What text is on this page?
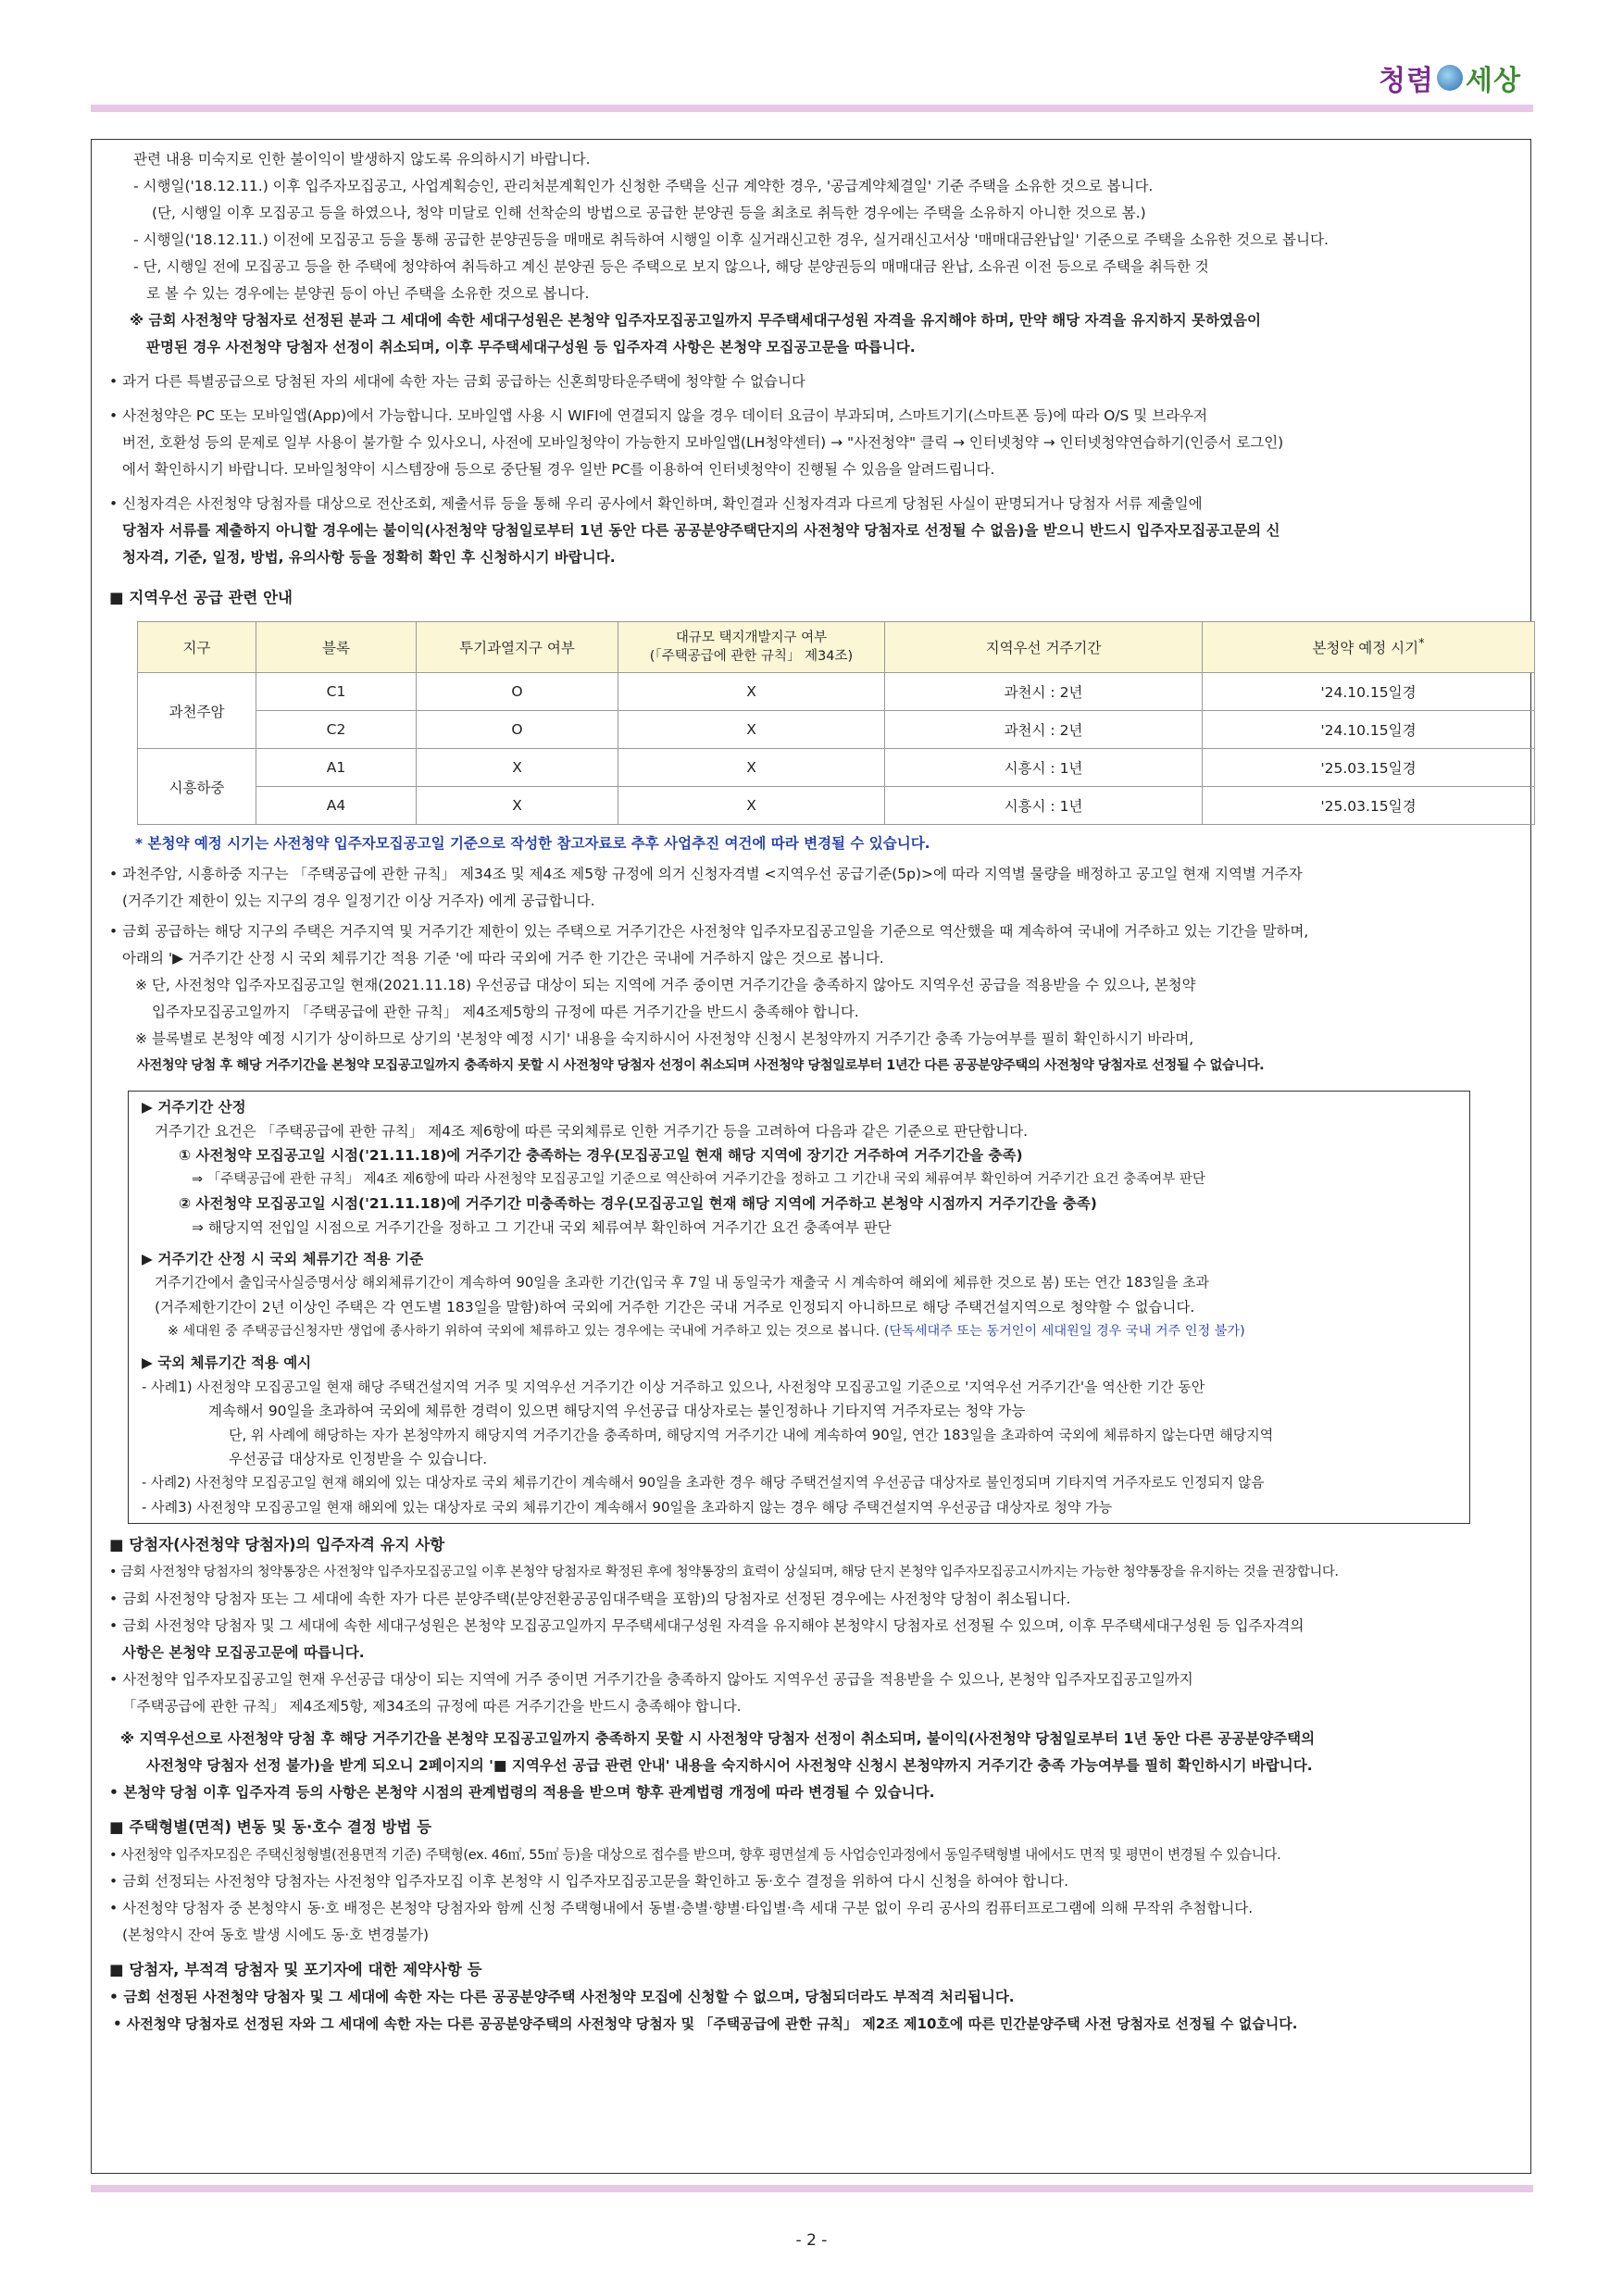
청렴 세상

관련 내용 미숙지로 인한 불이익이 발생하지 않도록 유의하시기 바랍니다.

- 시행일('18.12.11.) 이후 입주자모집공고, 사업계획승인, 관리처분계획인가 신청한 주택을 신규 계약한 경우, '공급계약체결일' 기준 주택을 소유한 것으로 봅니다.

(단, 시행일 이후 모집공고 등을 하였으나, 청약 미달로 인해 선착순의 방법으로 공급한 분양권 등을 최초로 취득한 경우에는 주택을 소유하지 아니한 것으로 봄.)

- 시행일('18.12.11.) 이전에 모집공고 등을 통해 공급한 분양권등을 매매로 취득하여 시행일 이후 실거래신고한 경우, 실거래신고서상 '매매대금완납일' 기준으로 주택을 소유한 것으로 봅니다.

- 단, 시행일 전에 모집공고 등을 한 주택에 청약하여 취득하고 계신 분양권 등은 주택으로 보지 않으나, 해당 분양권등의 매매대금 완납, 소유권 이전 등으로 주택을 취득한 것

로 볼 수 있는 경우에는 분양권 등이 아닌 주택을 소유한 것으로 봅니다.

※ 금회 사전청약 당첨자로 선정된 분과 그 세대에 속한 세대구성원은 본청약 입주자모집공고일까지 무주택세대구성원 자격을 유지해야 하며, 만약 해당 자격을 유지하지 못하였음이

판명된 경우 사전청약 당첨자 선정이 취소되며, 이후 무주택세대구성원 등 입주자격 사항은 본청약 모집공고문을 따릅니다.

• 과거 다른 특별공급으로 당첨된 자의 세대에 속한 자는 금회 공급하는 신혼희망타운주택에 청약할 수 없습니다

• 사전청약은 PC 또는 모바일앱(App)에서 가능합니다. 모바일앱 사용 시 WIFI에 연결되지 않을 경우 데이터 요금이 부과되며, 스마트기기(스마트폰 등)에 따라 O/S 및 브라우저

버전, 호환성 등의 문제로 일부 사용이 불가할 수 있사오니, 사전에 모바일청약이 가능한지 모바일앱(LH청약센터) → "사전청약" 클릭 → 인터넷청약 → 인터넷청약연습하기(인증서 로그인)

에서 확인하시기 바랍니다. 모바일청약이 시스템장애 등으로 중단될 경우 일반 PC를 이용하여 인터넷청약이 진행될 수 있음을 알려드립니다.

• 신청자격은 사전청약 당첨자를 대상으로 전산조회, 제출서류 등을 통해 우리 공사에서 확인하며, 확인결과 신청자격과 다르게 당첨된 사실이 판명되거나 당첨자 서류 제출일에

당첨자 서류를 제출하지 아니할 경우에는 불이익(사전청약 당첨일로부터 1년 동안 다른 공공분양주택단지의 사전청약 당첨자로 선정될 수 없음)을 받으니 반드시 입주자모집공고문의 신

청자격, 기준, 일정, 방법, 유의사항 등을 정확히 확인 후 신청하시기 바랍니다.

■ 지역우선 공급 관련 안내

지구	블록	투기과열지구 여부	대규모 택지개발지구 여부
(「주택공급에 관한 규칙」 제34조)	지역우선 거주기간	본청약 예정 시기*
과천주암	C1	O	X	과천시 : 2년	'24.10.15일경
	C2	O	X	과천시 : 2년	'24.10.15일경
시흥하중	A1	X	X	시흥시 : 1년	'25.03.15일경
	A4	X	X	시흥시 : 1년	'25.03.15일경

* 본청약 예정 시기는 사전청약 입주자모집공고일 기준으로 작성한 참고자료로 추후 사업추진 여건에 따라 변경될 수 있습니다.

• 과천주암, 시흥하중 지구는 「주택공급에 관한 규칙」 제34조 및 제4조 제5항 규정에 의거 신청자격별 <지역우선 공급기준(5p)>에 따라 지역별 물량을 배정하고 공고일 현재 지역별 거주자

(거주기간 제한이 있는 지구의 경우 일정기간 이상 거주자) 에게 공급합니다.

• 금회 공급하는 해당 지구의 주택은 거주지역 및 거주기간 제한이 있는 주택으로 거주기간은 사전청약 입주자모집공고일을 기준으로 역산했을 때 계속하여 국내에 거주하고 있는 기간을 말하며,

아래의 '▶ 거주기간 산정 시 국외 체류기간 적용 기준 '에 따라 국외에 거주 한 기간은 국내에 거주하지 않은 것으로 봅니다.

※ 단, 사전청약 입주자모집공고일 현재(2021.11.18) 우선공급 대상이 되는 지역에 거주 중이면 거주기간을 충족하지 않아도 지역우선 공급을 적용받을 수 있으나, 본청약

입주자모집공고일까지 「주택공급에 관한 규칙」 제4조제5항의 규정에 따른 거주기간을 반드시 충족해야 합니다.

※ 블록별로 본청약 예정 시기가 상이하므로 상기의 '본청약 예정 시기' 내용을 숙지하시어 사전청약 신청시 본청약까지 거주기간 충족 가능여부를 필히 확인하시기 바라며,

사전청약 당첨 후 해당 거주기간을 본청약 모집공고일까지 충족하지 못할 시 사전청약 당첨자 선정이 취소되며 사전청약 당첨일로부터 1년간 다른 공공분양주택의 사전청약 당첨자로 선정될 수 없습니다.

▶ 거주기간 산정

거주기간 요건은 「주택공급에 관한 규칙」 제4조 제6항에 따른 국외체류로 인한 거주기간 등을 고려하여 다음과 같은 기준으로 판단합니다.

① 사전청약 모집공고일 시점('21.11.18)에 거주기간 충족하는 경우(모집공고일 현재 해당 지역에 장기간 거주하여 거주기간을 충족)

⇒ 「주택공급에 관한 규칙」 제4조 제6항에 따라 사전청약 모집공고일 기준으로 역산하여 거주기간을 정하고 그 기간내 국외 체류여부 확인하여 거주기간 요건 충족여부 판단

② 사전청약 모집공고일 시점('21.11.18)에 거주기간 미충족하는 경우(모집공고일 현재 해당 지역에 거주하고 본청약 시점까지 거주기간을 충족)

⇒ 해당지역 전입일 시점으로 거주기간을 정하고 그 기간내 국외 체류여부 확인하여 거주기간 요건 충족여부 판단

▶ 거주기간 산정 시 국외 체류기간 적용 기준

거주기간에서 출입국사실증명서상 해외체류기간이 계속하여 90일을 초과한 기간(입국 후 7일 내 동일국가 재출국 시 계속하여 해외에 체류한 것으로 봄) 또는 연간 183일을 초과

(거주제한기간이 2년 이상인 주택은 각 연도별 183일을 말함)하여 국외에 거주한 기간은 국내 거주로 인정되지 아니하므로 해당 주택건설지역으로 청약할 수 없습니다.

※ 세대원 중 주택공급신청자만 생업에 종사하기 위하여 국외에 체류하고 있는 경우에는 국내에 거주하고 있는 것으로 봅니다. (단독세대주 또는 동거인이 세대원일 경우 국내 거주 인정 불가)

▶ 국외 체류기간 적용 예시

- 사례1) 사전청약 모집공고일 현재 해당 주택건설지역 거주 및 지역우선 거주기간 이상 거주하고 있으나, 사전청약 모집공고일 기준으로 '지역우선 거주기간'을 역산한 기간 동안

계속해서 90일을 초과하여 국외에 체류한 경력이 있으면 해당지역 우선공급 대상자로는 불인정하나 기타지역 거주자로는 청약 가능

단, 위 사례에 해당하는 자가 본청약까지 해당지역 거주기간을 충족하며, 해당지역 거주기간 내에 계속하여 90일, 연간 183일을 초과하여 국외에 체류하지 않는다면 해당지역

우선공급 대상자로 인정받을 수 있습니다.

- 사례2) 사전청약 모집공고일 현재 해외에 있는 대상자로 국외 체류기간이 계속해서 90일을 초과한 경우 해당 주택건설지역 우선공급 대상자로 불인정되며 기타지역 거주자로도 인정되지 않음

- 사례3) 사전청약 모집공고일 현재 해외에 있는 대상자로 국외 체류기간이 계속해서 90일을 초과하지 않는 경우 해당 주택건설지역 우선공급 대상자로 청약 가능

■ 당첨자(사전청약 당첨자)의 입주자격 유지 사항

• 금회 사전청약 당첨자의 청약통장은 사전청약 입주자모집공고일 이후 본청약 당첨자로 확정된 후에 청약통장의 효력이 상실되며, 해당 단지 본청약 입주자모집공고시까지는 가능한 청약통장을 유지하는 것을 권장합니다.

• 금회 사전청약 당첨자 또는 그 세대에 속한 자가 다른 분양주택(분양전환공공임대주택을 포함)의 당첨자로 선정된 경우에는 사전청약 당첨이 취소됩니다.

• 금회 사전청약 당첨자 및 그 세대에 속한 세대구성원은 본청약 모집공고일까지 무주택세대구성원 자격을 유지해야 본청약시 당첨자로 선정될 수 있으며, 이후 무주택세대구성원 등 입주자격의

사항은 본청약 모집공고문에 따릅니다.

• 사전청약 입주자모집공고일 현재 우선공급 대상이 되는 지역에 거주 중이면 거주기간을 충족하지 않아도 지역우선 공급을 적용받을 수 있으나, 본청약 입주자모집공고일까지

「주택공급에 관한 규칙」 제4조제5항, 제34조의 규정에 따른 거주기간을 반드시 충족해야 합니다.

※ 지역우선으로 사전청약 당첨 후 해당 거주기간을 본청약 모집공고일까지 충족하지 못할 시 사전청약 당첨자 선정이 취소되며, 불이익(사전청약 당첨일로부터 1년 동안 다른 공공분양주택의

사전청약 당첨자 선정 불가)을 받게 되오니 2페이지의 '■ 지역우선 공급 관련 안내' 내용을 숙지하시어 사전청약 신청시 본청약까지 거주기간 충족 가능여부를 필히 확인하시기 바랍니다.

• 본청약 당첨 이후 입주자격 등의 사항은 본청약 시점의 관계법령의 적용을 받으며 향후 관계법령 개정에 따라 변경될 수 있습니다.

■ 주택형별(면적) 변동 및 동·호수 결정 방법 등

• 사전청약 입주자모집은 주택신청형별(전용면적 기준) 주택형(ex. 46㎡, 55㎡ 등)을 대상으로 접수를 받으며, 향후 평면설계 등 사업승인과정에서 동일주택형별 내에서도 면적 및 평면이 변경될 수 있습니다.

• 금회 선정되는 사전청약 당첨자는 사전청약 입주자모집 이후 본청약 시 입주자모집공고문을 확인하고 동·호수 결정을 위하여 다시 신청을 하여야 합니다.

• 사전청약 당첨자 중 본청약시 동·호 배정은 본청약 당첨자와 함께 신청 주택형내에서 동별·층별·향별·타입별·측 세대 구분 없이 우리 공사의 컴퓨터프로그램에 의해 무작위 추첨합니다.

(본청약시 잔여 동호 발생 시에도 동·호 변경불가)

■ 당첨자, 부적격 당첨자 및 포기자에 대한 제약사항 등

• 금회 선정된 사전청약 당첨자 및 그 세대에 속한 자는 다른 공공분양주택 사전청약 모집에 신청할 수 없으며, 당첨되더라도 부적격 처리됩니다.

• 사전청약 당첨자로 선정된 자와 그 세대에 속한 자는 다른 공공분양주택의 사전청약 당첨자 및 「주택공급에 관한 규칙」 제2조 제10호에 따른 민간분양주택 사전 당첨자로 선정될 수 없습니다.

- 2 -
